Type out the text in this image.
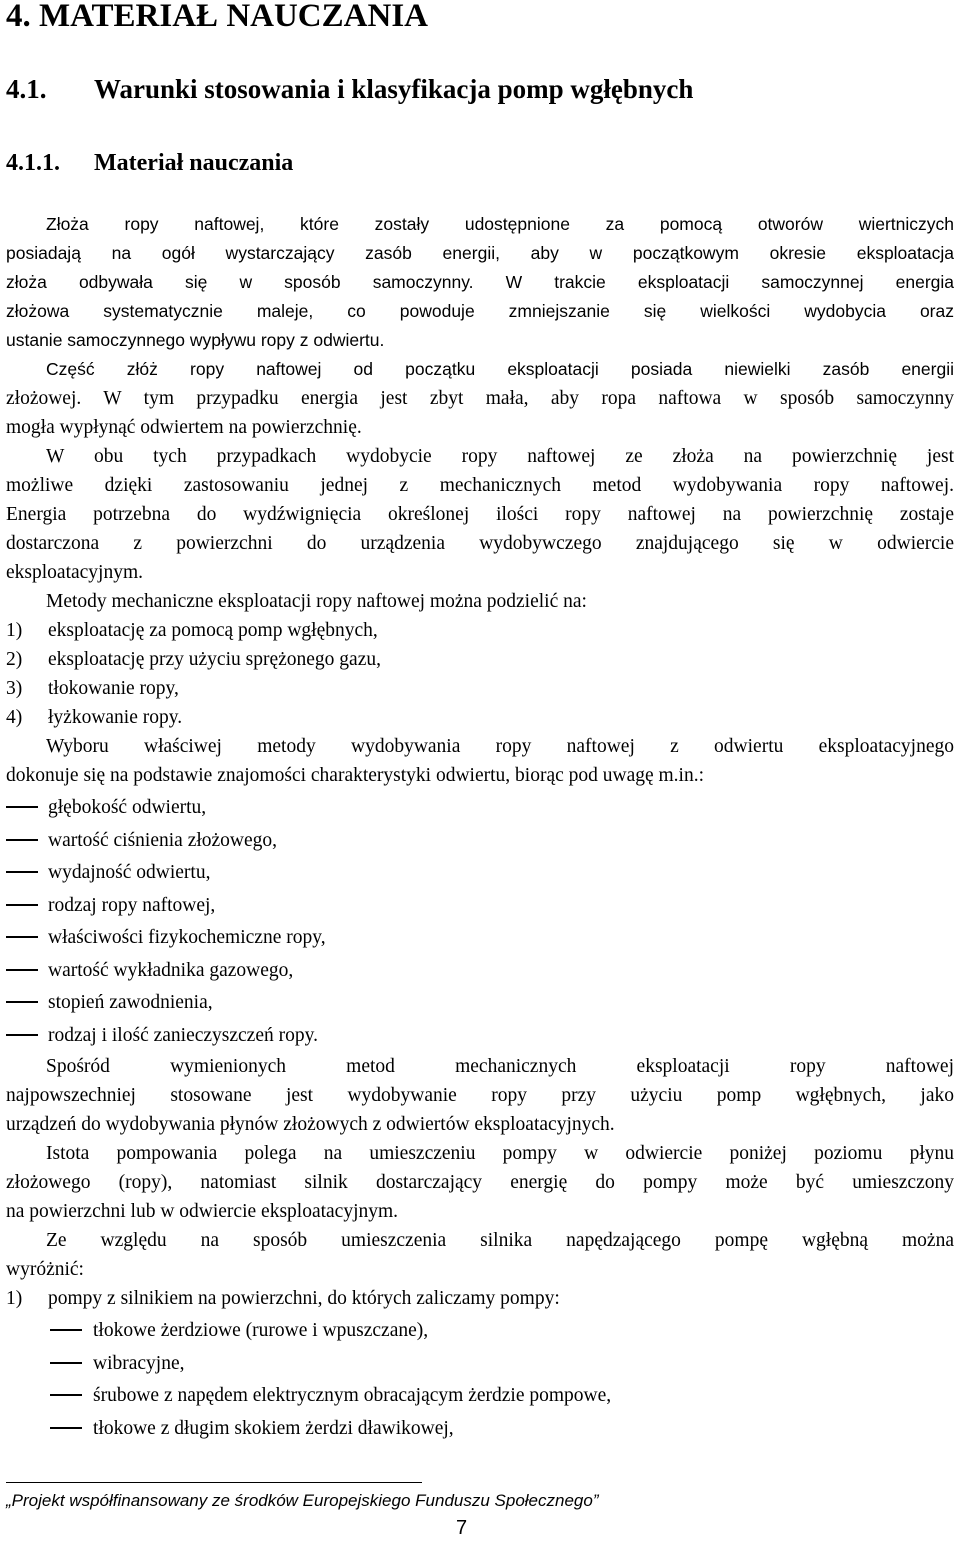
4. MATERIAŁ NAUCZANIA
4.1. Warunki stosowania i klasyfikacja pomp wgłębnych
4.1.1. Materiał nauczania
Złoża ropy naftowej, które zostały udostępnione za pomocą otworów wiertniczych
posiadają na ogół wystarczający zasób energii, aby w początkowym okresie eksploatacja
złoża odbywała się w sposób samoczynny. W trakcie eksploatacji samoczynnej energia
złożowa systematycznie maleje, co powoduje zmniejszanie się wielkości wydobycia oraz
ustanie samoczynnego wypływu ropy z odwiertu.
Część złóż ropy naftowej od początku eksploatacji posiada niewielki zasób energii
złożowej. W tym przypadku energia jest zbyt mała, aby ropa naftowa w sposób samoczynny
mogła wypłynąć odwiertem na powierzchnię.
W obu tych przypadkach wydobycie ropy naftowej ze złoża na powierzchnię jest
możliwe dzięki zastosowaniu jednej z mechanicznych metod wydobywania ropy naftowej.
Energia potrzebna do wydźwignięcia określonej ilości ropy naftowej na powierzchnię zostaje
dostarczona z powierzchni do urządzenia wydobywczego znajdującego się w odwiercie
eksploatacyjnym.
Metody mechaniczne eksploatacji ropy naftowej można podzielić na:
1) eksploatację za pomocą pomp wgłębnych,
2) eksploatację przy użyciu sprężonego gazu,
3) tłokowanie ropy,
4) łyżkowanie ropy.
Wyboru właściwej metody wydobywania ropy naftowej z odwiertu eksploatacyjnego
dokonuje się na podstawie znajomości charakterystyki odwiertu, biorąc pod uwagę m.in.:
głębokość odwiertu,
wartość ciśnienia złożowego,
wydajność odwiertu,
rodzaj ropy naftowej,
właściwości fizykochemiczne ropy,
wartość wykładnika gazowego,
stopień zawodnienia,
rodzaj i ilość zanieczyszczeń ropy.
Spośród wymienionych metod mechanicznych eksploatacji ropy naftowej
najpowszechniej stosowane jest wydobywanie ropy przy użyciu pomp wgłębnych, jako
urządzeń do wydobywania płynów złożowych z odwiertów eksploatacyjnych.
Istota pompowania polega na umieszczeniu pompy w odwiercie poniżej poziomu płynu
złożowego (ropy), natomiast silnik dostarczający energię do pompy może być umieszczony
na powierzchni lub w odwiercie eksploatacyjnym.
Ze względu na sposób umieszczenia silnika napędzającego pompę wgłębną można
wyróżnić:
1) pompy z silnikiem na powierzchni, do których zaliczamy pompy:
tłokowe żerdziowe (rurowe i wpuszczane),
wibracyjne,
śrubowe z napędem elektrycznym obracającym żerdzie pompowe,
tłokowe z długim skokiem żerdzi dławikowej,
„Projekt współfinansowany ze środków Europejskiego Funduszu Społecznego”
7
